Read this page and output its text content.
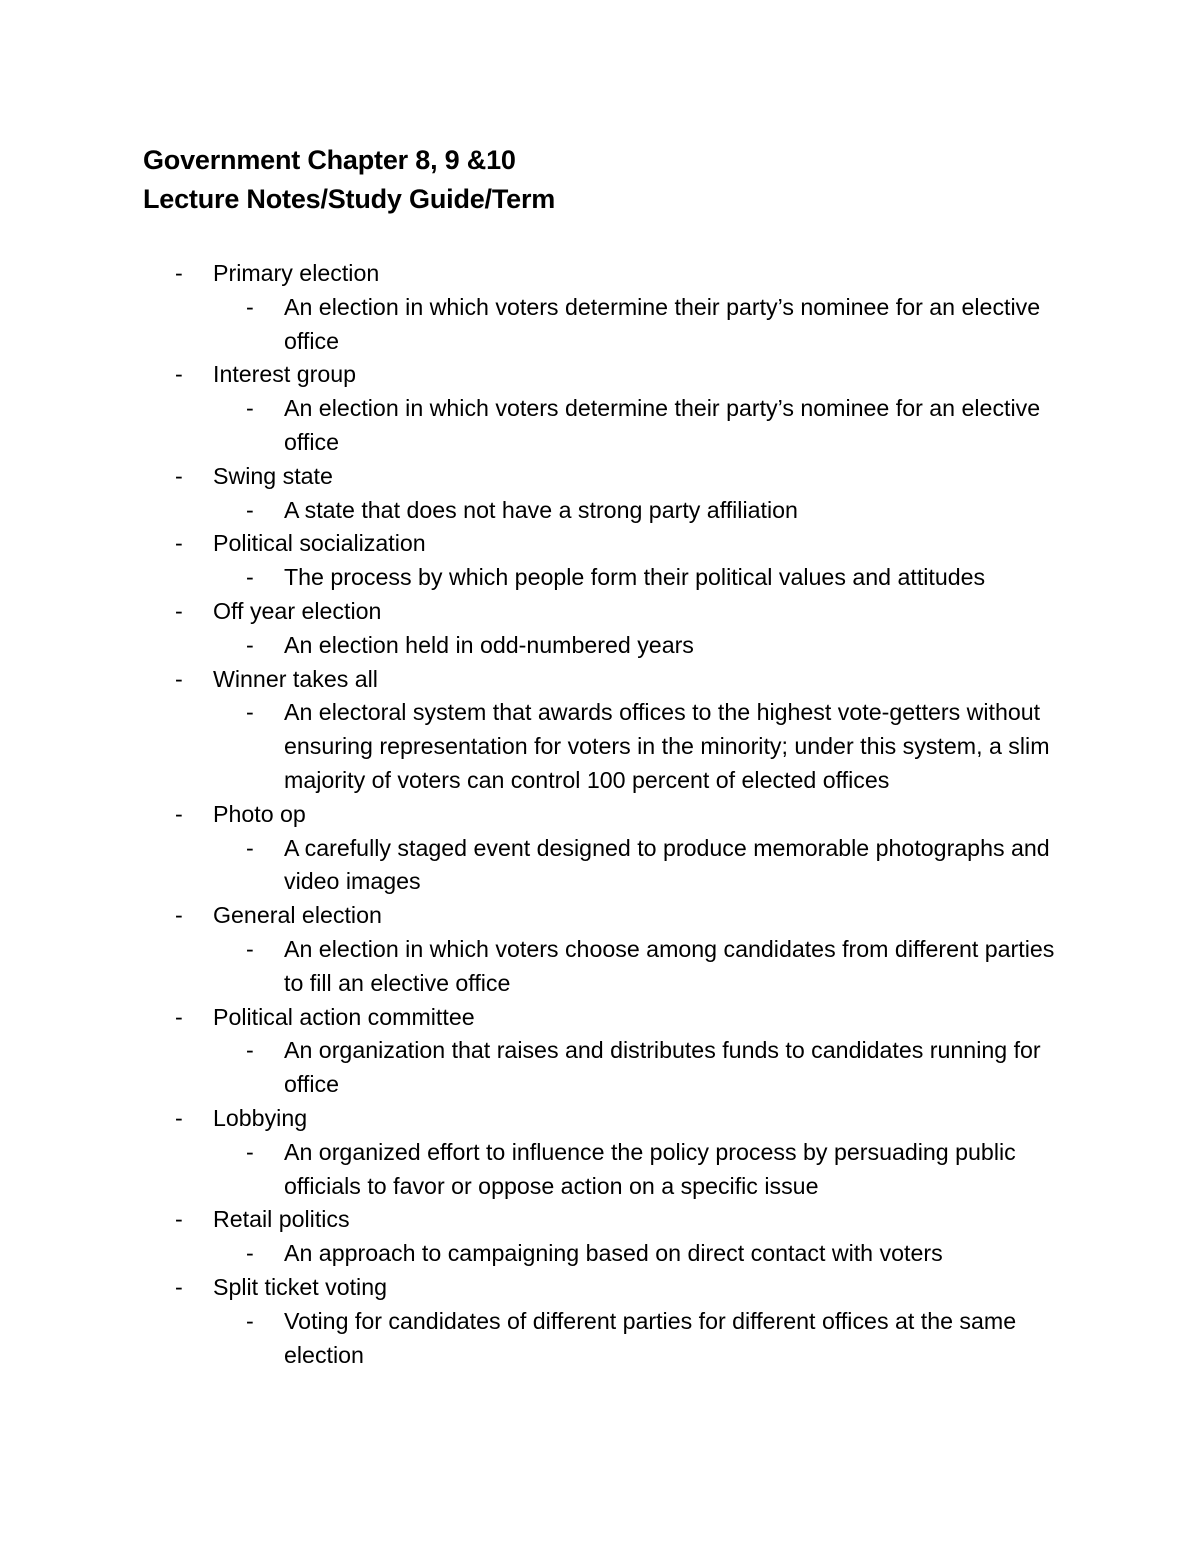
Government Chapter 8, 9 &10
Lecture Notes/Study Guide/Term
-	Primary election
-	An election in which voters determine their party’s nominee for an elective office
-	Interest group
-	An election in which voters determine their party’s nominee for an elective office
-	Swing state
-	A state that does not have a strong party affiliation
-	Political socialization
-	The process by which people form their political values and attitudes
-	Off year election
-	An election held in odd-numbered years
-	Winner takes all
-	An electoral system that awards offices to the highest vote-getters without ensuring representation for voters in the minority; under this system, a slim majority of voters can control 100 percent of elected offices
-	Photo op
-	A carefully staged event designed to produce memorable photographs and video images
-	General election
-	An election in which voters choose among candidates from different parties to fill an elective office
-	Political action committee
-	An organization that raises and distributes funds to candidates running for office
-	Lobbying
-	An organized effort to influence the policy process by persuading public officials to favor or oppose action on a specific issue
-	Retail politics
-	An approach to campaigning based on direct contact with voters
-	Split ticket voting
-	Voting for candidates of different parties for different offices at the same election
